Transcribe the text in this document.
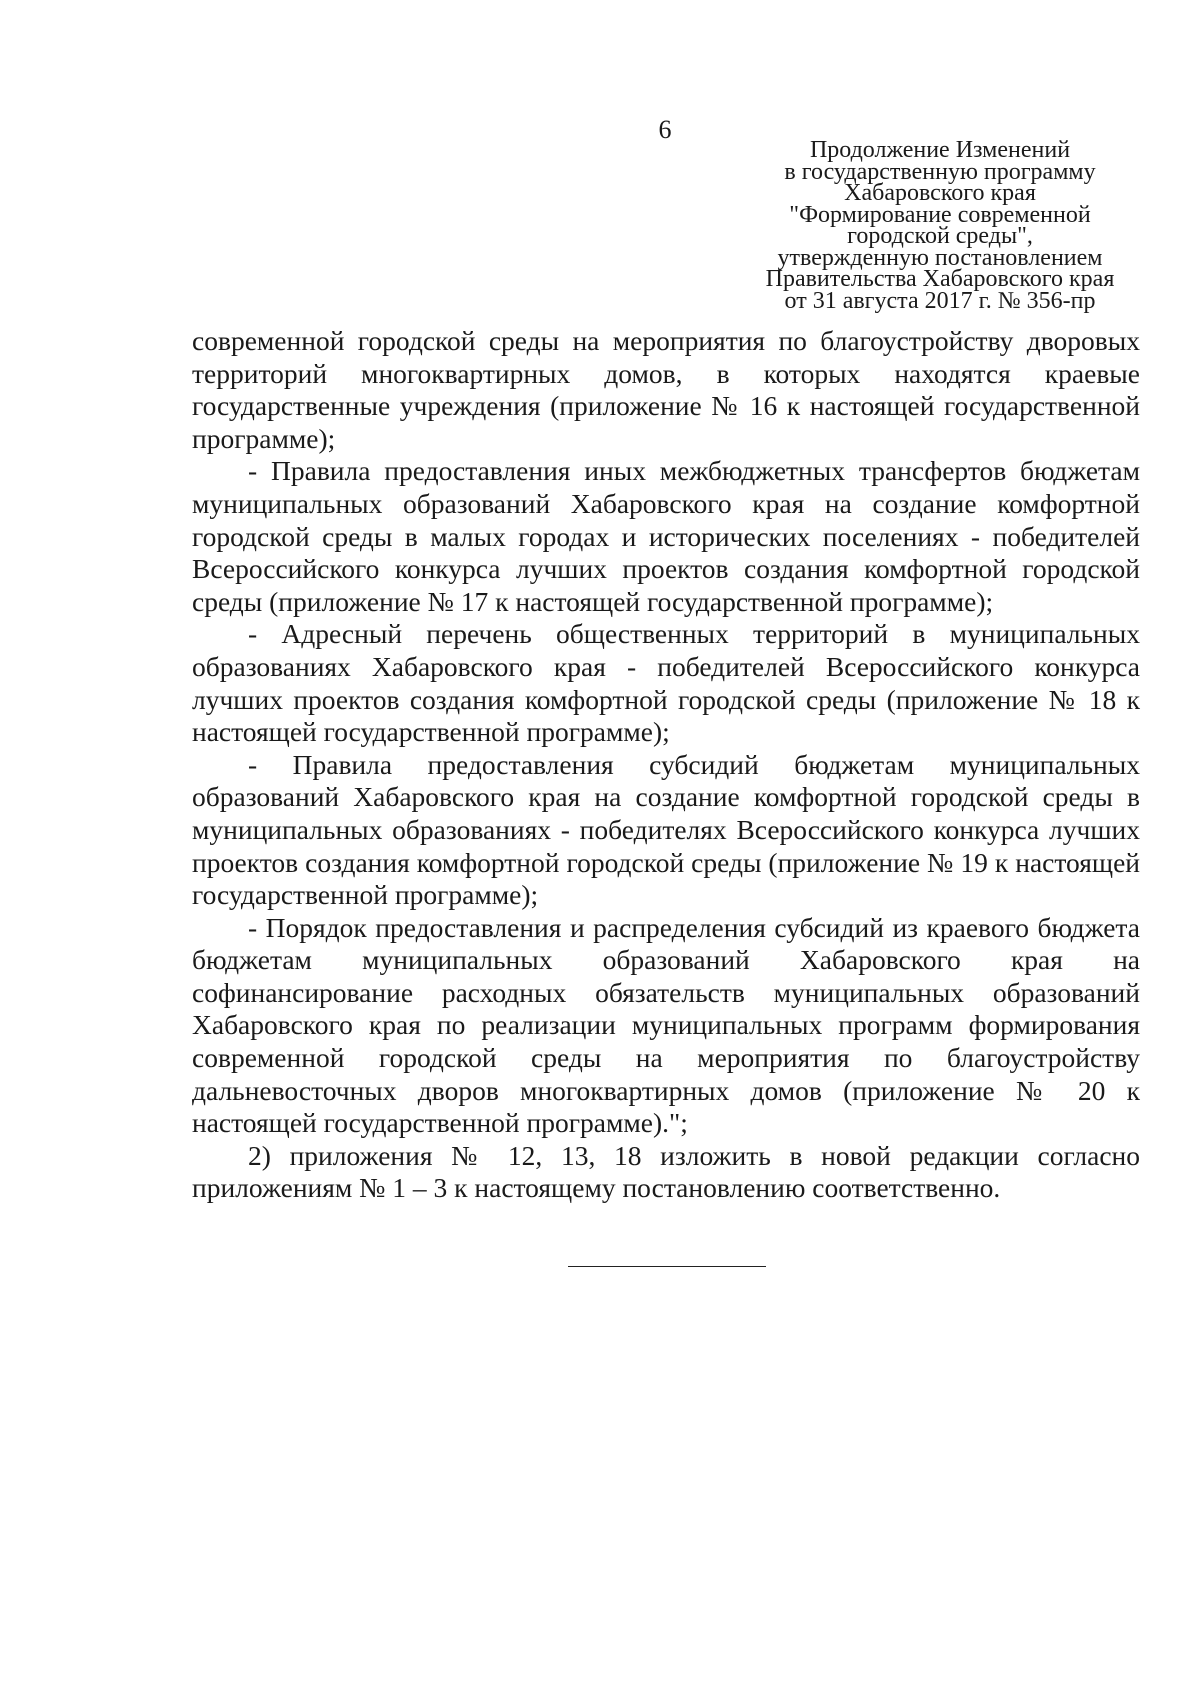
6
Продолжение Изменений
в государственную программу
Хабаровского края
"Формирование современной
городской среды",
утвержденную постановлением
Правительства Хабаровского края
от 31 августа 2017 г. № 356-пр

современной городской среды на мероприятия по благоустройству дворовых территорий многоквартирных домов, в которых находятся краевые государственные учреждения (приложение № 16 к настоящей государственной программе);

- Правила предоставления иных межбюджетных трансфертов бюджетам муниципальных образований Хабаровского края на создание комфортной городской среды в малых городах и исторических поселениях - победителей Всероссийского конкурса лучших проектов создания комфортной городской среды (приложение № 17 к настоящей государственной программе);

- Адресный перечень общественных территорий в муниципальных образованиях Хабаровского края - победителей Всероссийского конкурса лучших проектов создания комфортной городской среды (приложение № 18 к настоящей государственной программе);

- Правила предоставления субсидий бюджетам муниципальных образований Хабаровского края на создание комфортной городской среды в муниципальных образованиях - победителях Всероссийского конкурса лучших проектов создания комфортной городской среды (приложение № 19 к настоящей государственной программе);

- Порядок предоставления и распределения субсидий из краевого бюджета бюджетам муниципальных образований Хабаровского края на софинансирование расходных обязательств муниципальных образований Хабаровского края по реализации муниципальных программ формирования современной городской среды на мероприятия по благоустройству дальневосточных дворов многоквартирных домов (приложение № 20 к настоящей государственной программе).";

2) приложения № 12, 13, 18 изложить в новой редакции согласно приложениям № 1 – 3 к настоящему постановлению соответственно.
